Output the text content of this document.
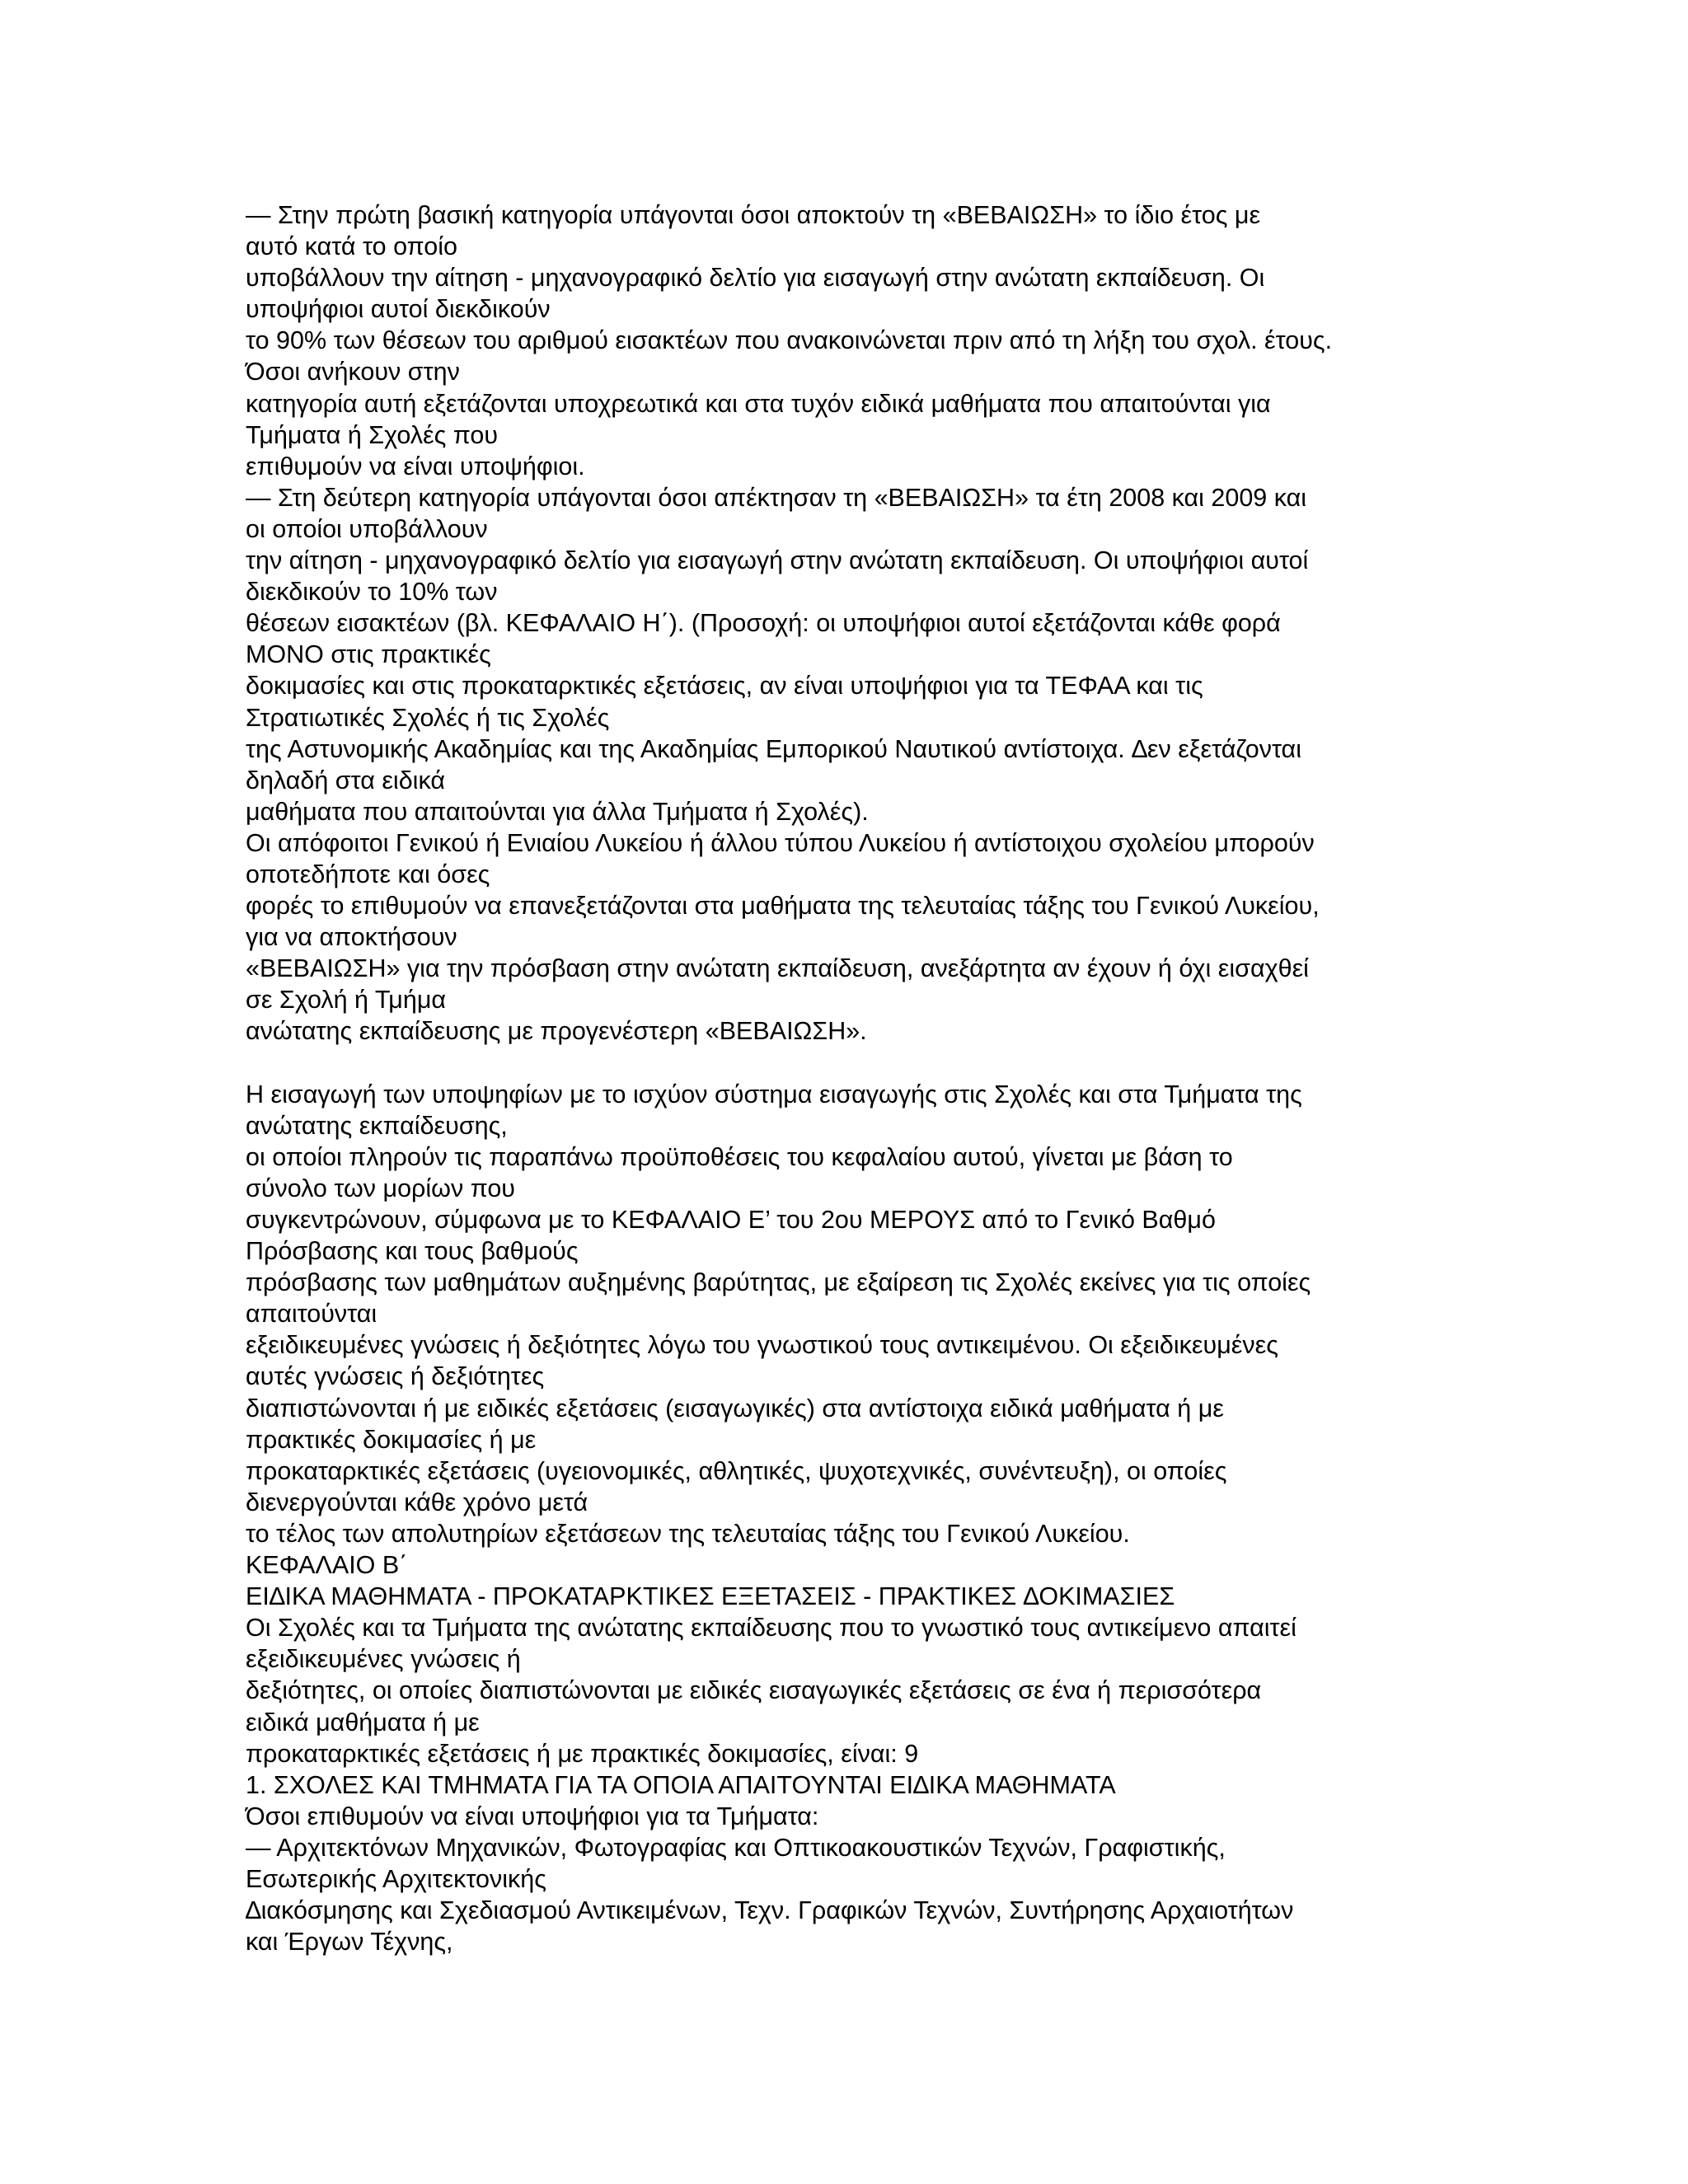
— Στην πρώτη βασική κατηγορία υπάγονται όσοι αποκτούν τη «ΒΕΒΑΙΩΣΗ» το ίδιο έτος με
αυτό κατά το οποίο
υποβάλλουν την αίτηση - μηχανογραφικό δελτίο για εισαγωγή στην ανώτατη εκπαίδευση. Οι
υποψήφιοι αυτοί διεκδικούν
το 90% των θέσεων του αριθμού εισακτέων που ανακοινώνεται πριν από τη λήξη του σχολ. έτους.
Όσοι ανήκουν στην
κατηγορία αυτή εξετάζονται υποχρεωτικά και στα τυχόν ειδικά μαθήματα που απαιτούνται για
Τμήματα ή Σχολές που
επιθυμούν να είναι υποψήφιοι.
— Στη δεύτερη κατηγορία υπάγονται όσοι απέκτησαν τη «ΒΕΒΑΙΩΣΗ» τα έτη 2008 και 2009 και
οι οποίοι υποβάλλουν
την αίτηση - μηχανογραφικό δελτίο για εισαγωγή στην ανώτατη εκπαίδευση. Οι υποψήφιοι αυτοί
διεκδικούν το 10% των
θέσεων εισακτέων (βλ. ΚΕΦΑΛΑΙΟ Η΄). (Προσοχή: οι υποψήφιοι αυτοί εξετάζονται κάθε φορά
ΜΟΝΟ στις πρακτικές
δοκιμασίες και στις προκαταρκτικές εξετάσεις, αν είναι υποψήφιοι για τα ΤΕΦΑΑ και τις
Στρατιωτικές Σχολές ή τις Σχολές
της Αστυνομικής Ακαδημίας και της Ακαδημίας Εμπορικού Ναυτικού αντίστοιχα. ∆εν εξετάζονται
δηλαδή στα ειδικά
μαθήματα που απαιτούνται για άλλα Τμήματα ή Σχολές).
Οι απόφοιτοι Γενικού ή Ενιαίου Λυκείου ή άλλου τύπου Λυκείου ή αντίστοιχου σχολείου μπορούν
οποτεδήποτε και όσες
φορές το επιθυμούν να επανεξετάζονται στα μαθήματα της τελευταίας τάξης του Γενικού Λυκείου,
για να αποκτήσουν
«ΒΕΒΑΙΩΣΗ» για την πρόσβαση στην ανώτατη εκπαίδευση, ανεξάρτητα αν έχουν ή όχι εισαχθεί
σε Σχολή ή Τμήμα
ανώτατης εκπαίδευσης με προγενέστερη «ΒΕΒΑΙΩΣΗ».
Η εισαγωγή των υποψηφίων με το ισχύον σύστημα εισαγωγής στις Σχολές και στα Τμήματα της
ανώτατης εκπαίδευσης,
οι οποίοι πληρούν τις παραπάνω προϋποθέσεις του κεφαλαίου αυτού, γίνεται με βάση το
σύνολο των μορίων που
συγκεντρώνουν, σύμφωνα με το ΚΕΦΑΛΑΙΟ Ε’ του 2ου ΜΕΡΟΥΣ από το Γενικό Βαθμό
Πρόσβασης και τους βαθμούς
πρόσβασης των μαθημάτων αυξημένης βαρύτητας, με εξαίρεση τις Σχολές εκείνες για τις οποίες
απαιτούνται
εξειδικευμένες γνώσεις ή δεξιότητες λόγω του γνωστικού τους αντικειμένου. Οι εξειδικευμένες
αυτές γνώσεις ή δεξιότητες
διαπιστώνονται ή με ειδικές εξετάσεις (εισαγωγικές) στα αντίστοιχα ειδικά μαθήματα ή με
πρακτικές δοκιμασίες ή με
προκαταρκτικές εξετάσεις (υγειονομικές, αθλητικές, ψυχοτεχνικές, συνέντευξη), οι οποίες
διενεργούνται κάθε χρόνο μετά
το τέλος των απολυτηρίων εξετάσεων της τελευταίας τάξης του Γενικού Λυκείου.
ΚΕΦΑΛΑΙΟ Β΄
ΕΙ∆ΙΚΑ ΜΑΘΗΜΑΤΑ - ΠΡΟΚΑΤΑΡΚΤΙΚΕΣ ΕΞΕΤΑΣΕΙΣ - ΠΡΑΚΤΙΚΕΣ ∆ΟΚΙΜΑΣΙΕΣ
Οι Σχολές και τα Τμήματα της ανώτατης εκπαίδευσης που το γνωστικό τους αντικείμενο απαιτεί
εξειδικευμένες γνώσεις ή
δεξιότητες, οι οποίες διαπιστώνονται με ειδικές εισαγωγικές εξετάσεις σε ένα ή περισσότερα
ειδικά μαθήματα ή με
προκαταρκτικές εξετάσεις ή με πρακτικές δοκιμασίες, είναι: 9
1. ΣΧΟΛΕΣ ΚΑΙ ΤΜΗΜΑΤΑ ΓΙΑ ΤΑ ΟΠΟΙΑ ΑΠΑΙΤΟΥΝΤΑΙ ΕΙ∆ΙΚΑ ΜΑΘΗΜΑΤΑ
Όσοι επιθυμούν να είναι υποψήφιοι για τα Τμήματα:
— Αρχιτεκτόνων Μηχανικών, Φωτογραφίας και Οπτικοακουστικών Τεχνών, Γραφιστικής,
Εσωτερικής Αρχιτεκτονικής
∆ιακόσμησης και Σχεδιασμού Αντικειμένων, Τεχν. Γραφικών Τεχνών, Συντήρησης Αρχαιοτήτων
και Έργων Τέχνης,
